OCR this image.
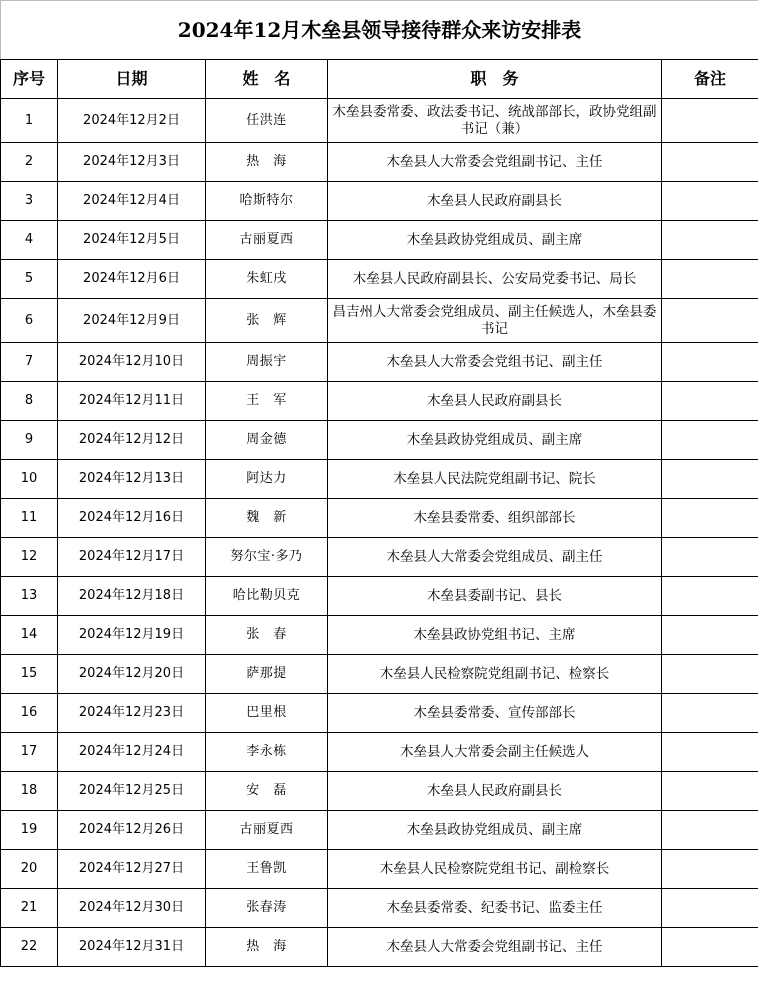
2024年12月木垒县领导接待群众来访安排表				
序号	日期	姓　名	职　务	备注
1	2024年12月2日	任洪连	木垒县委常委、政法委书记、统战部部长，政协党组副书记（兼）	
2	2024年12月3日	热　海	木垒县人大常委会党组副书记、主任	
3	2024年12月4日	哈斯特尔	木垒县人民政府副县长	
4	2024年12月5日	古丽夏西	木垒县政协党组成员、副主席	
5	2024年12月6日	朱虹戌	木垒县人民政府副县长、公安局党委书记、局长	
6	2024年12月9日	张　辉	昌吉州人大常委会党组成员、副主任候选人，木垒县委书记	
7	2024年12月10日	周振宇	木垒县人大常委会党组书记、副主任	
8	2024年12月11日	王　军	木垒县人民政府副县长	
9	2024年12月12日	周金德	木垒县政协党组成员、副主席	
10	2024年12月13日	阿达力	木垒县人民法院党组副书记、院长	
11	2024年12月16日	魏　新	木垒县委常委、组织部部长	
12	2024年12月17日	努尔宝·多乃	木垒县人大常委会党组成员、副主任	
13	2024年12月18日	哈比勒贝克	木垒县委副书记、县长	
14	2024年12月19日	张　春	木垒县政协党组书记、主席	
15	2024年12月20日	萨那提	木垒县人民检察院党组副书记、检察长	
16	2024年12月23日	巴里根	木垒县委常委、宣传部部长	
17	2024年12月24日	李永栋	木垒县人大常委会副主任候选人	
18	2024年12月25日	安　磊	木垒县人民政府副县长	
19	2024年12月26日	古丽夏西	木垒县政协党组成员、副主席	
20	2024年12月27日	王鲁凯	木垒县人民检察院党组书记、副检察长	
21	2024年12月30日	张春涛	木垒县委常委、纪委书记、监委主任	
22	2024年12月31日	热　海	木垒县人大常委会党组副书记、主任	
